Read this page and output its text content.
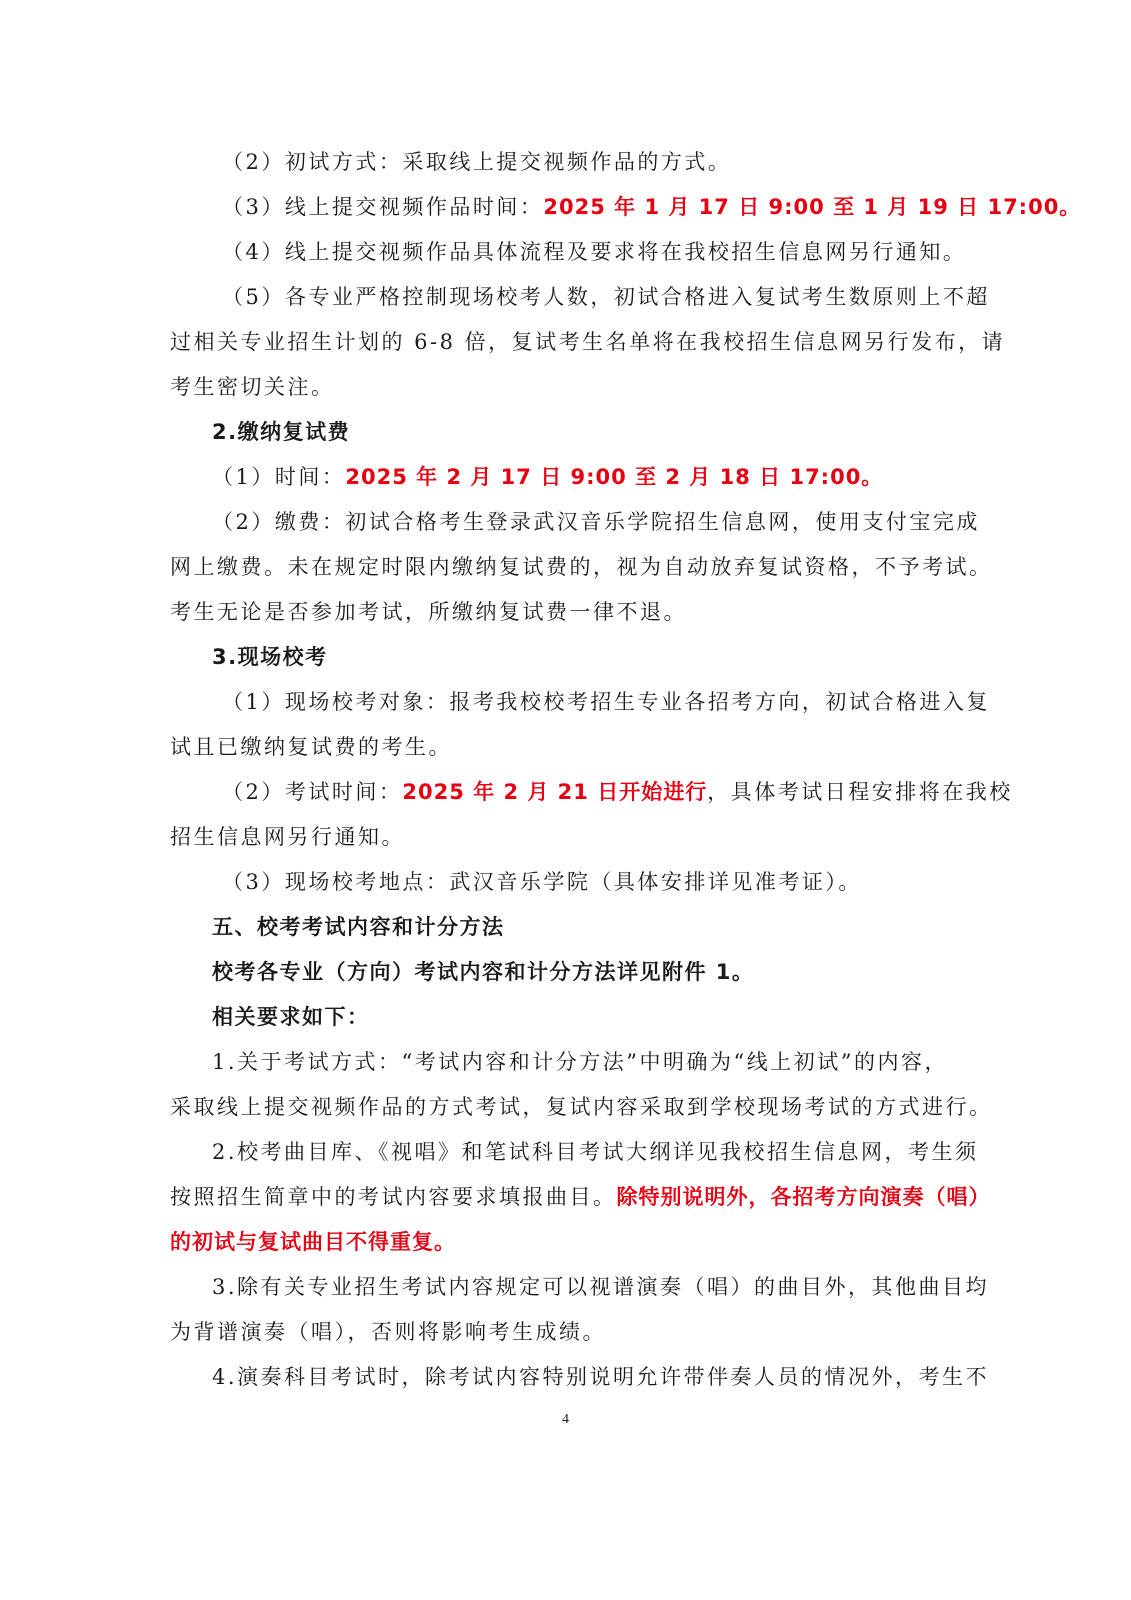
（2）初试方式：采取线上提交视频作品的方式。
（3）线上提交视频作品时间：2025 年 1 月 17 日 9:00 至 1 月 19 日 17:00。
（4）线上提交视频作品具体流程及要求将在我校招生信息网另行通知。
（5）各专业严格控制现场校考人数，初试合格进入复试考生数原则上不超
过相关专业招生计划的 6-8 倍，复试考生名单将在我校招生信息网另行发布，请
考生密切关注。
2.缴纳复试费
（1）时间：2025 年 2 月 17 日 9:00 至 2 月 18 日 17:00。
（2）缴费：初试合格考生登录武汉音乐学院招生信息网，使用支付宝完成
网上缴费。未在规定时限内缴纳复试费的，视为自动放弃复试资格，不予考试。
考生无论是否参加考试，所缴纳复试费一律不退。
3.现场校考
（1）现场校考对象：报考我校校考招生专业各招考方向，初试合格进入复
试且已缴纳复试费的考生。
（2）考试时间：2025 年 2 月 21 日开始进行，具体考试日程安排将在我校
招生信息网另行通知。
（3）现场校考地点：武汉音乐学院（具体安排详见准考证）。
五、校考考试内容和计分方法
校考各专业（方向）考试内容和计分方法详见附件 1。
相关要求如下：
1.关于考试方式：“考试内容和计分方法”中明确为“线上初试”的内容，
采取线上提交视频作品的方式考试，复试内容采取到学校现场考试的方式进行。
2.校考曲目库、《视唱》和笔试科目考试大纲详见我校招生信息网，考生须
按照招生简章中的考试内容要求填报曲目。除特别说明外，各招考方向演奏（唱）
的初试与复试曲目不得重复。
3.除有关专业招生考试内容规定可以视谱演奏（唱）的曲目外，其他曲目均
为背谱演奏（唱），否则将影响考生成绩。
4.演奏科目考试时，除考试内容特别说明允许带伴奏人员的情况外，考生不
4
